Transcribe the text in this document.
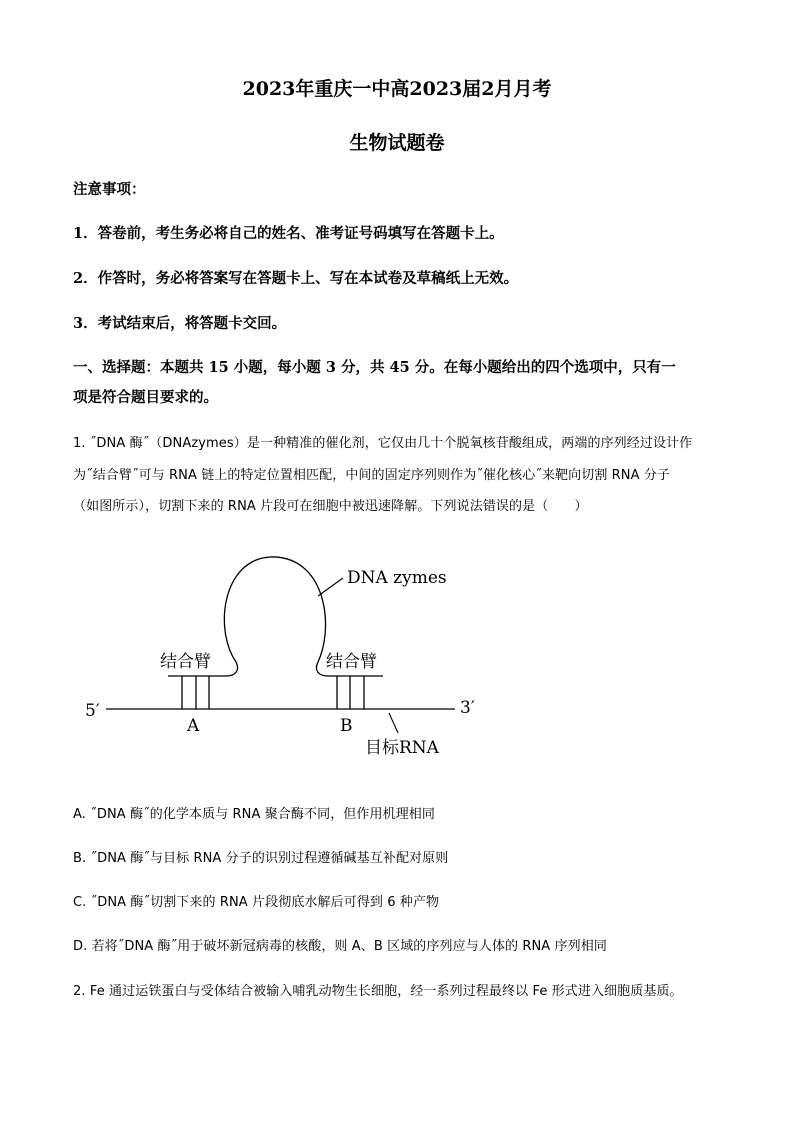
2023年重庆一中高2023届2月月考
生物试题卷
注意事项：
1．答卷前，考生务必将自己的姓名、准考证号码填写在答题卡上。
2．作答时，务必将答案写在答题卡上、写在本试卷及草稿纸上无效。
3．考试结束后，将答题卡交回。
一、选择题：本题共 15 小题，每小题 3 分，共 45 分。在每小题给出的四个选项中，只有一
项是符合题目要求的。
1. ˝DNA 酶˝（DNAzymes）是一种精准的催化剂，它仅由几十个脱氧核苷酸组成，两端的序列经过设计作
为˝结合臂˝可与 RNA 链上的特定位置相匹配，中间的固定序列则作为˝催化核心˝来靶向切割 RNA 分子
（如图所示），切割下来的 RNA 片段可在细胞中被迅速降解。下列说法错误的是（　　）
DNA zymes
结合臂	结合臂
5′	3′
A	B
目标RNA
A. ˝DNA 酶˝的化学本质与 RNA 聚合酶不同，但作用机理相同
B. ˝DNA 酶˝与目标 RNA 分子的识别过程遵循碱基互补配对原则
C. ˝DNA 酶˝切割下来的 RNA 片段彻底水解后可得到 6 种产物
D. 若将˝DNA 酶˝用于破坏新冠病毒的核酸，则 A、B 区域的序列应与人体的 RNA 序列相同
2. Fe 通过运铁蛋白与受体结合被输入哺乳动物生长细胞，经一系列过程最终以 Fe 形式进入细胞质基质。
